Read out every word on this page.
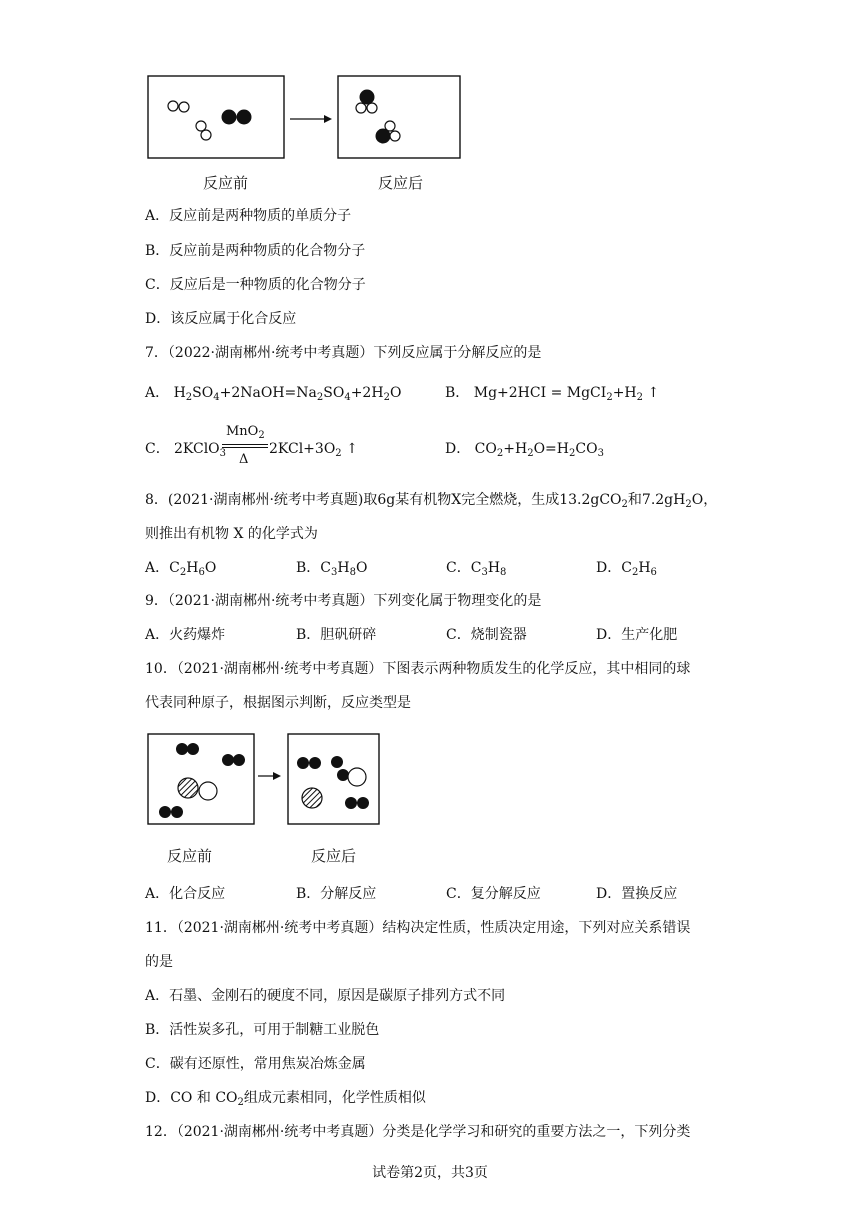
反应前	反应后
A．反应前是两种物质的单质分子
B．反应前是两种物质的化合物分子
C．反应后是一种物质的化合物分子
D．该反应属于化合反应
7．（2022·湖南郴州·统考中考真题）下列反应属于分解反应的是
A． $H_2SO_4+2NaOH=Na_2SO_4+2H_2O$	B． $Mg+2HCI = MgCI_2+H_2$ ↑
C． 2KClO$_3$
MnO$_2$
Δ
$2KCl+3O_2$ ↑	D． $CO_2+H_2O=H_2CO_3$
8．(2021·湖南郴州·统考中考真题)取6g某有机物X完全燃烧，生成13.2gCO$_2$和$7.2gH_2O$，
则推出有机物 X 的化学式为
A．$C_2H_6O$	B．$C_3H_8O$	C．$C_3H_8$	D．$C_2H_6$
9．（2021·湖南郴州·统考中考真题）下列变化属于物理变化的是
A．火药爆炸	B．胆矾研碎	C．烧制瓷器	D．生产化肥
10．（2021·湖南郴州·统考中考真题）下图表示两种物质发生的化学反应，其中相同的球
代表同种原子，根据图示判断，反应类型是
反应前	反应后
A．化合反应	B．分解反应	C．复分解反应	D．置换反应
11．（2021·湖南郴州·统考中考真题）结构决定性质，性质决定用途，下列对应关系错误
的是
A．石墨、金刚石的硬度不同，原因是碳原子排列方式不同
B．活性炭多孔，可用于制糖工业脱色
C．碳有还原性，常用焦炭冶炼金属
D．CO 和 $CO_2$组成元素相同，化学性质相似
12．（2021·湖南郴州·统考中考真题）分类是化学学习和研究的重要方法之一，下列分类
试卷第2页，共3页
